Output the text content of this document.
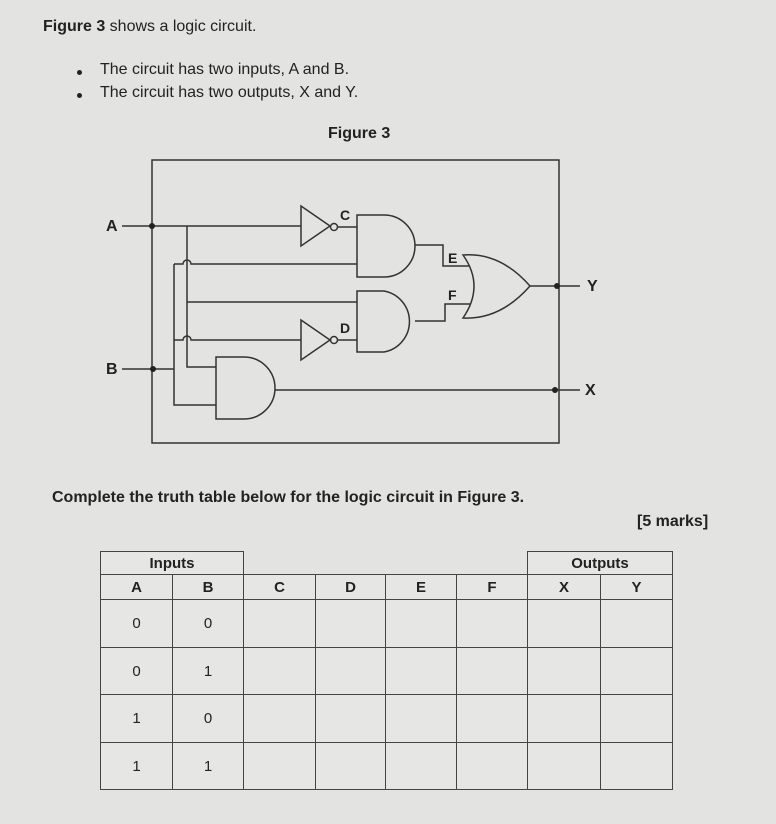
Figure 3 shows a logic circuit.
The circuit has two inputs, A and B.
The circuit has two outputs, X and Y.
Figure 3
A
B
C
D
E
F	Y
X
Complete the truth table below for the logic circuit in Figure 3.
[5 marks]
Inputs	Outputs
A	B	C	D	E	F	X	Y
0	0
0	1
1	0
1	1
